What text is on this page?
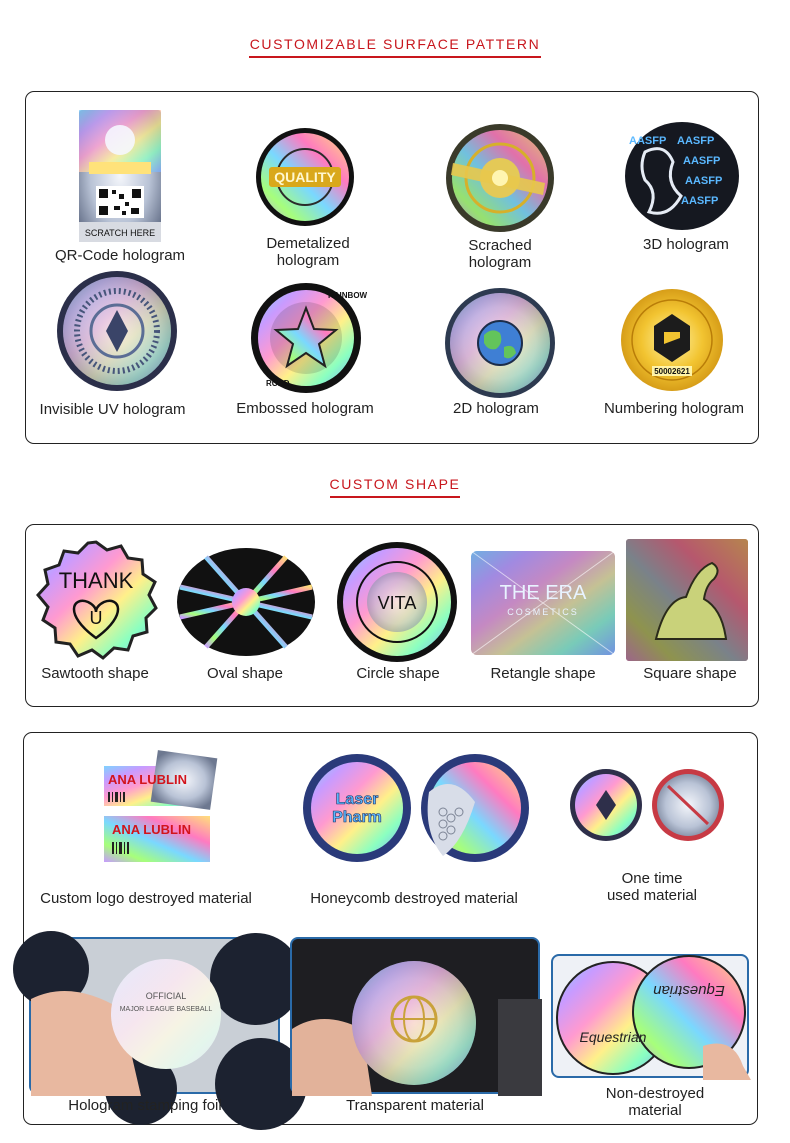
CUSTOMIZABLE SURFACE PATTERN
SCRATCH HERE
QR-Code hologram
QUALITY
Demetalized
hologram
Scrached
hologram
AASFP AASFP
AASFP
AASFP
AASFP
3D hologram
Invisible UV hologram
RAINBOW
ROAD
Embossed hologram	2D hologram
50002621
Numbering hologram
CUSTOM SHAPE
THANK
U
Sawtooth shape	Oval shape
VITA
Circle shape
THE ERA
COSMETICS
Retangle shape	Square shape
ANA LUBLIN
ANA LUBLIN
Custom logo destroyed material
Laser
Pharm
Honeycomb destroyed material
One time
used material
OFFICIAL
MAJOR LEAGUE BASEBALL
Hologram stamping foil	Transparent material
Equestrian
Equestrian
Non-destroyed
material
